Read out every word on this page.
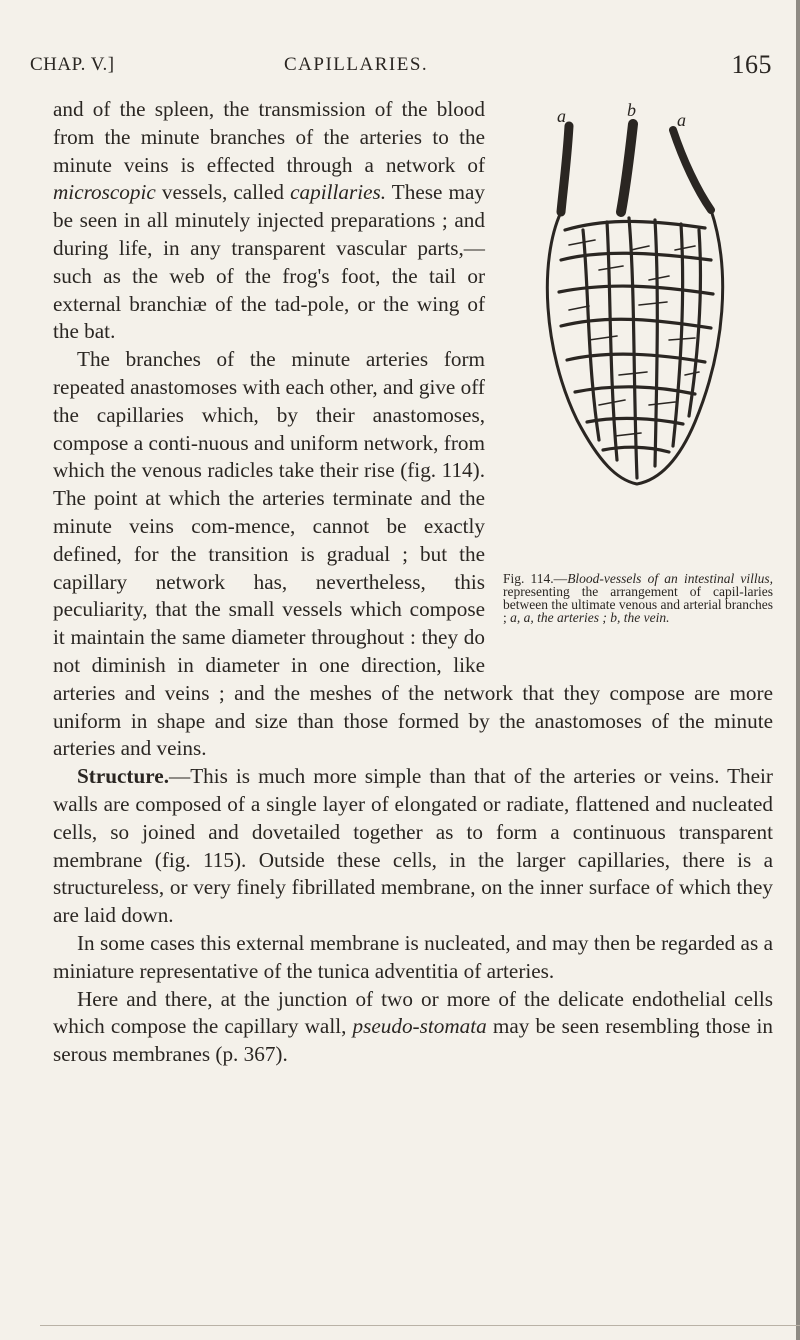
CHAP. V.]	CAPILLARIES.	165
a	b a
Fig. 114.—Blood-vessels of an intestinal villus, representing the arrangement of capil-laries between the ultimate venous and arterial branches ; a, a, the arteries ; b, the vein.

and of the spleen, the transmission of the blood from the minute branches of the arteries to the minute veins is effected through a network of microscopic vessels, called capillaries. These may be seen in all minutely injected preparations ; and during life, in any transparent vascular parts,—such as the web of the frog's foot, the tail or external branchiæ of the tad-pole, or the wing of the bat.

The branches of the minute arteries form repeated anastomoses with each other, and give off the capillaries which, by their anastomoses, compose a conti-nuous and uniform network, from which the venous radicles take their rise (fig. 114). The point at which the arteries terminate and the minute veins com-mence, cannot be exactly defined, for the transition is gradual ; but the capillary network has, nevertheless, this peculiarity, that the small vessels which compose it maintain the same diameter throughout : they do not diminish in diameter in one direction, like arteries and veins ; and the meshes of the network that they compose are more uniform in shape and size than those formed by the anastomoses of the minute arteries and veins.

Structure.—This is much more simple than that of the arteries or veins. Their walls are composed of a single layer of elongated or radiate, flattened and nucleated cells, so joined and dovetailed together as to form a continuous transparent membrane (fig. 115). Outside these cells, in the larger capillaries, there is a structureless, or very finely fibrillated membrane, on the inner surface of which they are laid down.

In some cases this external membrane is nucleated, and may then be regarded as a miniature representative of the tunica adventitia of arteries.

Here and there, at the junction of two or more of the delicate endothelial cells which compose the capillary wall, pseudo-stomata may be seen resembling those in serous membranes (p. 367).
